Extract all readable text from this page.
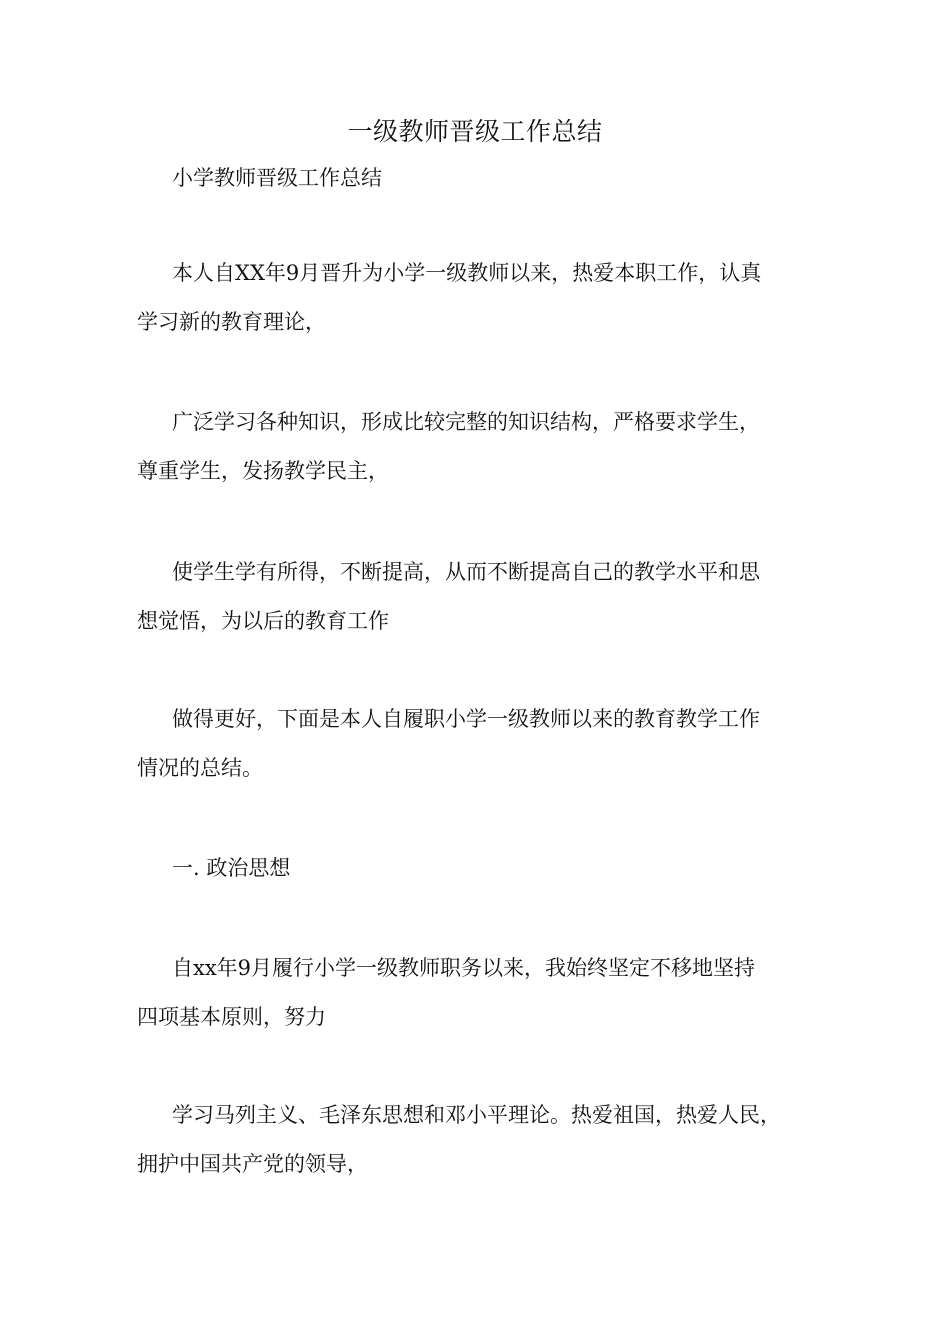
一级教师晋级工作总结

小学教师晋级工作总结

本人自XX年9月晋升为小学一级教师以来，热爱本职工作，认真
学习新的教育理论，

广泛学习各种知识，形成比较完整的知识结构，严格要求学生，
尊重学生，发扬教学民主，

使学生学有所得，不断提高，从而不断提高自己的教学水平和思
想觉悟，为以后的教育工作

做得更好，下面是本人自履职小学一级教师以来的教育教学工作
情况的总结。

一. 政治思想

自xx年9月履行小学一级教师职务以来，我始终坚定不移地坚持
四项基本原则，努力

学习马列主义、毛泽东思想和邓小平理论。热爱祖国，热爱人民，
拥护中国共产党的领导，
